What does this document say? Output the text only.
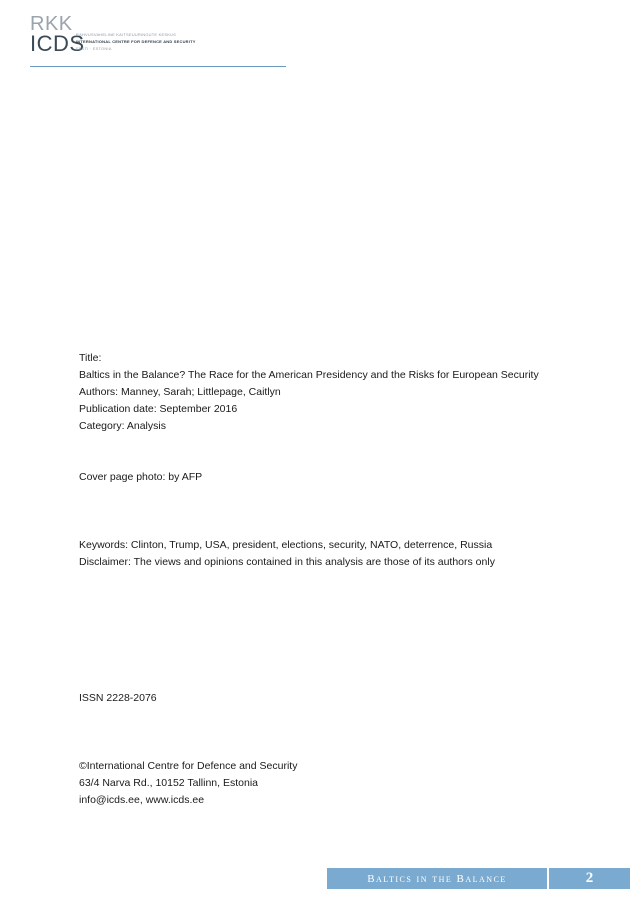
RKK
ICDS
RAHVUSVAHELINE KAITSEUURINGUTE KESKUS
INTERNATIONAL CENTRE FOR DEFENCE AND SECURITY
EESTI · ESTONIA
Title:
Baltics in the Balance? The Race for the American Presidency and the Risks for European Security
Authors: Manney, Sarah; Littlepage, Caitlyn
Publication date: September 2016
Category: Analysis
Cover page photo: by AFP
Keywords: Clinton, Trump, USA, president, elections, security, NATO, deterrence, Russia
Disclaimer: The views and opinions contained in this analysis are those of its authors only
ISSN 2228-2076
©International Centre for Defence and Security
63/4 Narva Rd., 10152 Tallinn, Estonia
info@icds.ee, www.icds.ee
Baltics in the Balance	2
